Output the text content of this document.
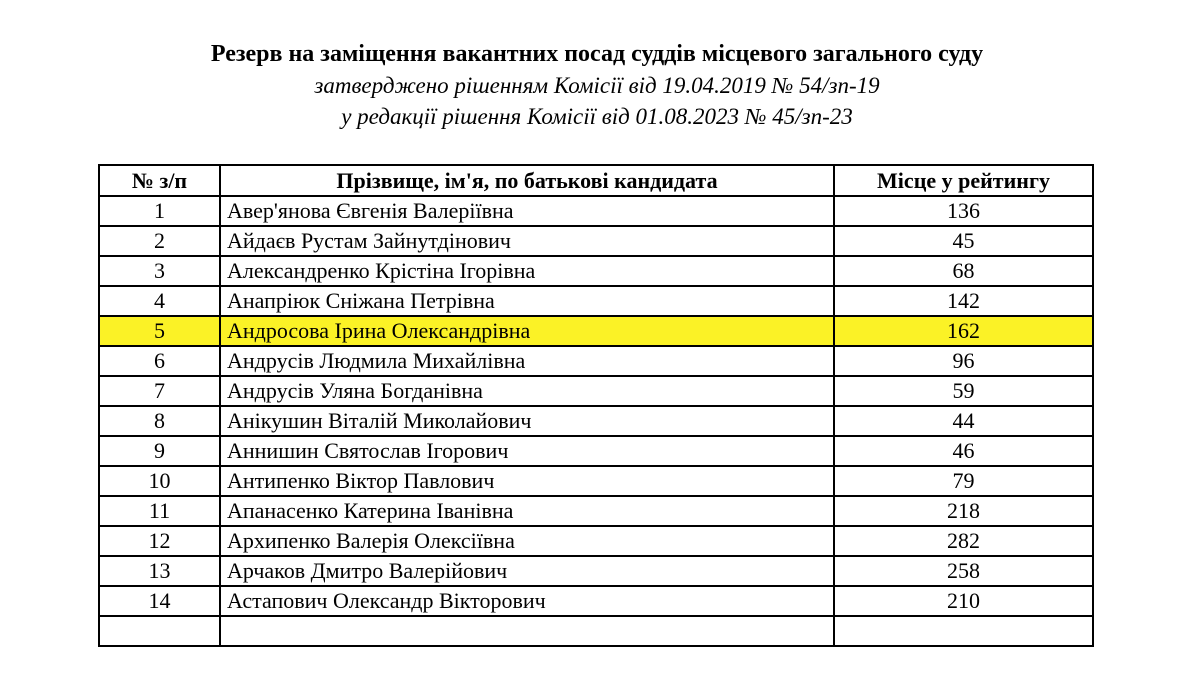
Резерв на заміщення вакантних посад суддів місцевого загального суду
затверджено рішенням Комісії від 19.04.2019 № 54/зп-19
у редакції рішення Комісії від 01.08.2023 № 45/зп-23
№ з/п	Прізвище, ім'я, по батькові кандидата	Місце у рейтингу
1	Авер'янова Євгенія Валеріївна	136
2	Айдаєв Рустам Зайнутдінович	45
3	Александренко Крістіна Ігорівна	68
4	Анапріюк Сніжана Петрівна	142
5	Андросова Ірина Олександрівна	162
6	Андрусів Людмила Михайлівна	96
7	Андрусів Уляна Богданівна	59
8	Анікушин Віталій Миколайович	44
9	Аннишин Святослав Ігорович	46
10	Антипенко Віктор Павлович	79
11	Апанасенко Катерина Іванівна	218
12	Архипенко Валерія Олексіївна	282
13	Арчаков Дмитро Валерійович	258
14	Астапович Олександр Вікторович	210
